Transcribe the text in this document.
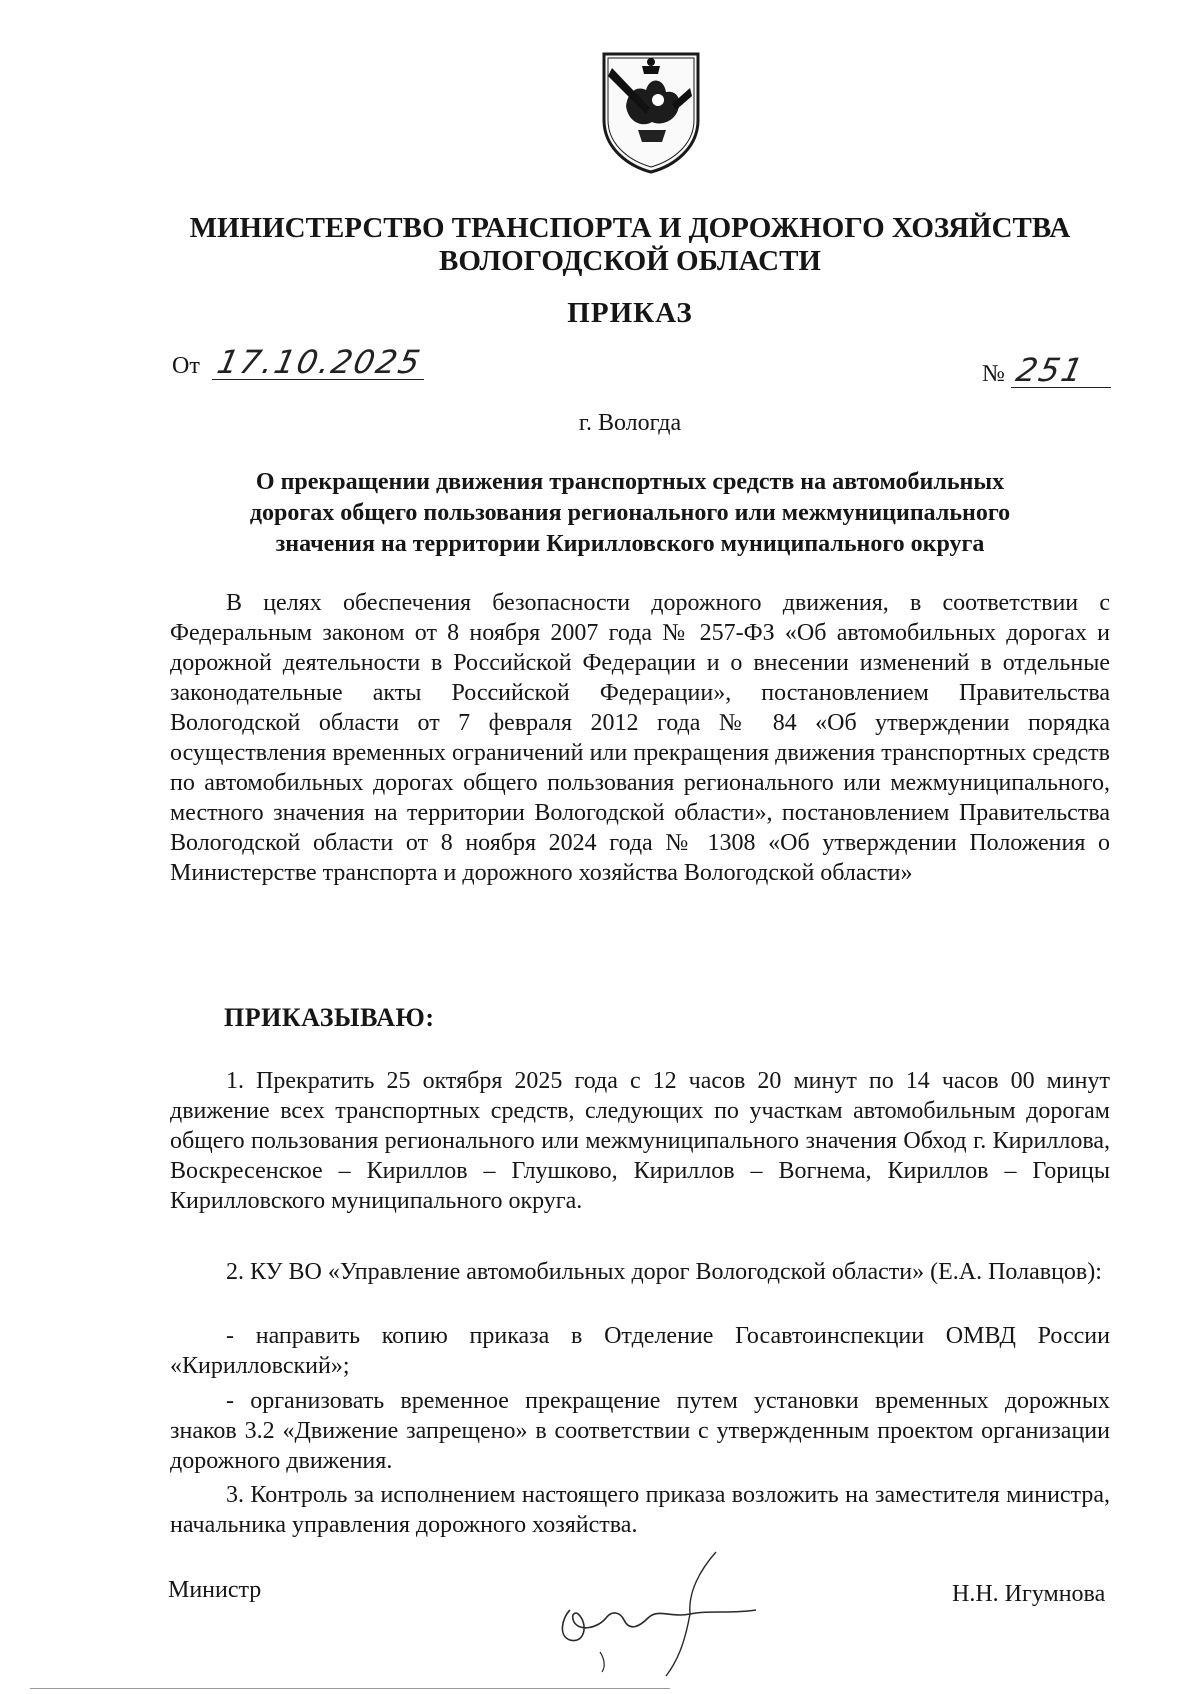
МИНИСТЕРСТВО ТРАНСПОРТА И ДОРОЖНОГО ХОЗЯЙСТВА
ВОЛОГОДСКОЙ ОБЛАСТИ
ПРИКАЗ
От 17.10.2025	№ 251
г. Вологда
О прекращении движения транспортных средств на автомобильных
дорогах общего пользования регионального или межмуниципального
значения на территории Кирилловского муниципального округа

В целях обеспечения безопасности дорожного движения, в соответствии с Федеральным законом от 8 ноября 2007 года № 257-ФЗ «Об автомобильных дорогах и дорожной деятельности в Российской Федерации и о внесении изменений в отдельные законодательные акты Российской Федерации», постановлением Правительства Вологодской области от 7 февраля 2012 года № 84 «Об утверждении порядка осуществления временных ограничений или прекращения движения транспортных средств по автомобильных дорогах общего пользования регионального или межмуниципального, местного значения на территории Вологодской области», постановлением Правительства Вологодской области от 8 ноября 2024 года № 1308 «Об утверждении Положения о Министерстве транспорта и дорожного хозяйства Вологодской области»

ПРИКАЗЫВАЮ:

1. Прекратить 25 октября 2025 года с 12 часов 20 минут по 14 часов 00 минут движение всех транспортных средств, следующих по участкам автомобильным дорогам общего пользования регионального или межмуниципального значения Обход г. Кириллова, Воскресенское – Кириллов – Глушково, Кириллов – Вогнема, Кириллов – Горицы Кирилловского муниципального округа.

2. КУ ВО «Управление автомобильных дорог Вологодской области» (Е.А. Полавцов):

- направить копию приказа в Отделение Госавтоинспекции ОМВД России «Кирилловский»;

- организовать временное прекращение путем установки временных дорожных знаков 3.2 «Движение запрещено» в соответствии с утвержденным проектом организации дорожного движения.

3. Контроль за исполнением настоящего приказа возложить на заместителя министра, начальника управления дорожного хозяйства.

Министр	Н.Н. Игумнова
